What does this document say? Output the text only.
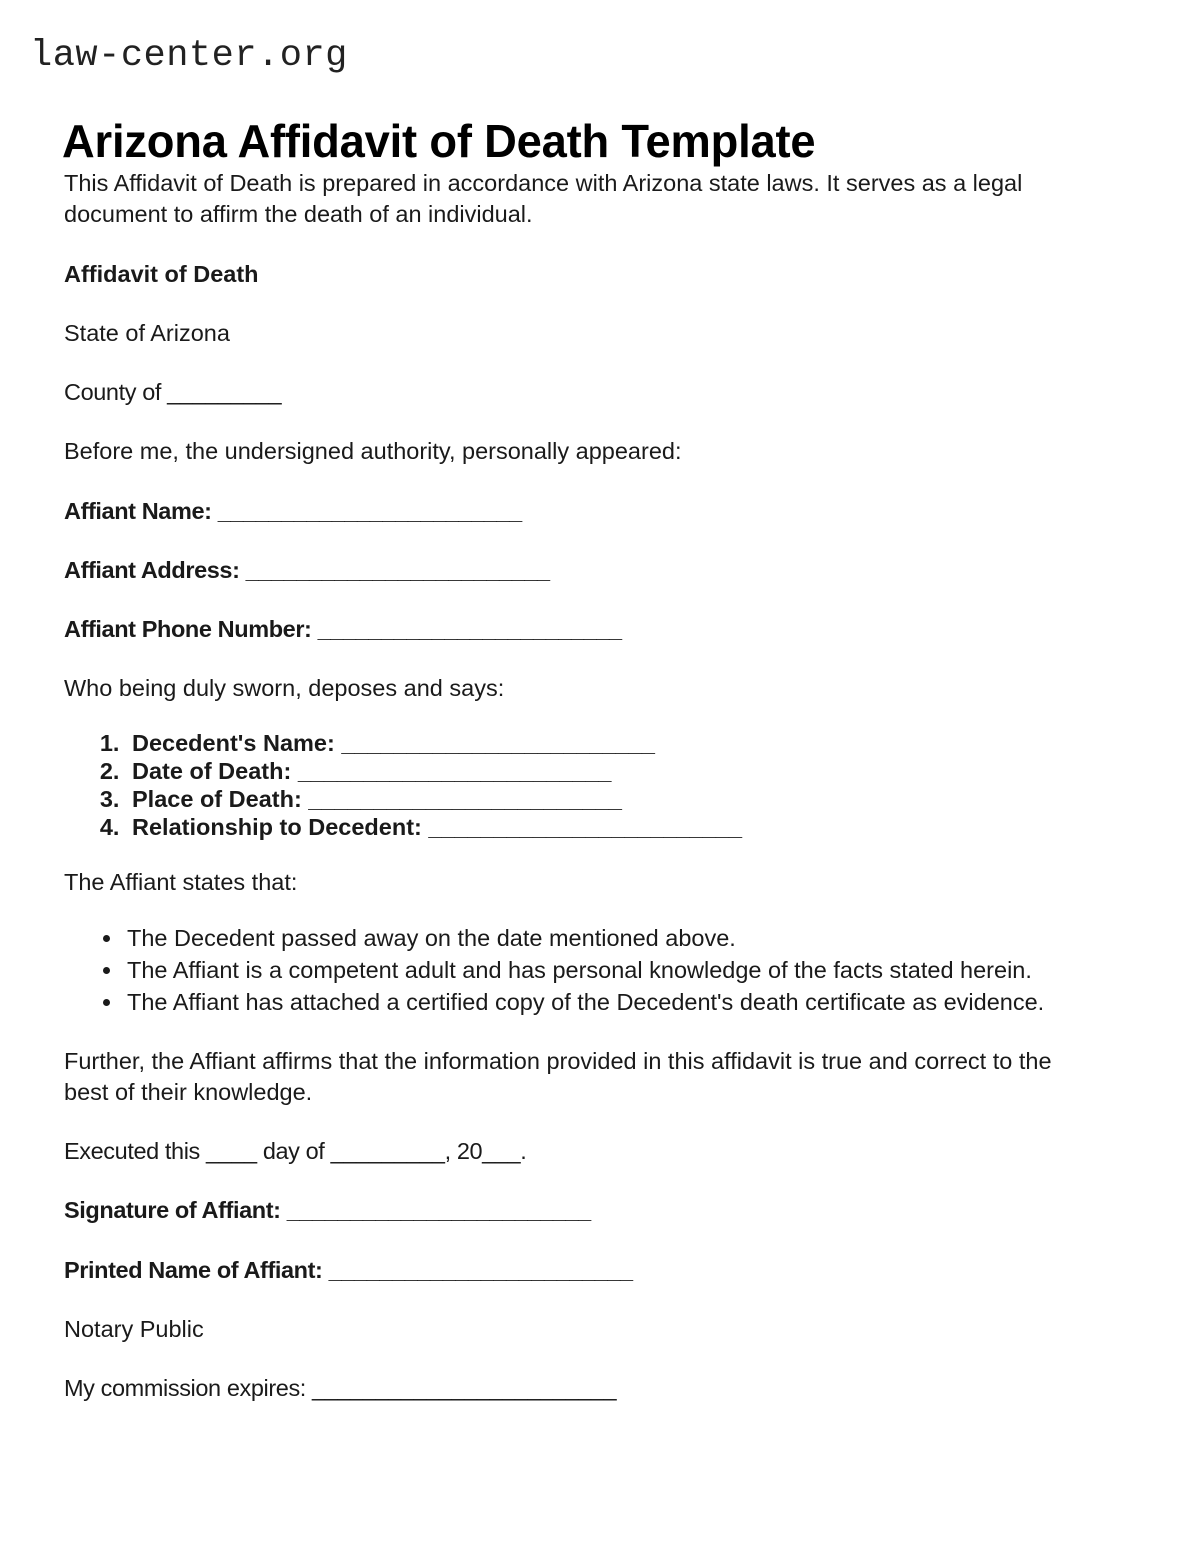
law-center.org
Arizona Affidavit of Death Template

This Affidavit of Death is prepared in accordance with Arizona state laws. It serves as a legal document to affirm the death of an individual.

Affidavit of Death

State of Arizona

County of _________

Before me, the undersigned authority, personally appeared:

Affiant Name: ________________________

Affiant Address: ________________________

Affiant Phone Number: ________________________

Who being duly sworn, deposes and says:

1. Decedent's Name: ________________________
2. Date of Death: ________________________
3. Place of Death: ________________________
4. Relationship to Decedent: ________________________

The Affiant states that:

• The Decedent passed away on the date mentioned above.
• The Affiant is a competent adult and has personal knowledge of the facts stated herein.
• The Affiant has attached a certified copy of the Decedent's death certificate as evidence.

Further, the Affiant affirms that the information provided in this affidavit is true and correct to the best of their knowledge.

Executed this ____ day of _________, 20___.

Signature of Affiant: ________________________

Printed Name of Affiant: ________________________

Notary Public

My commission expires: ________________________
